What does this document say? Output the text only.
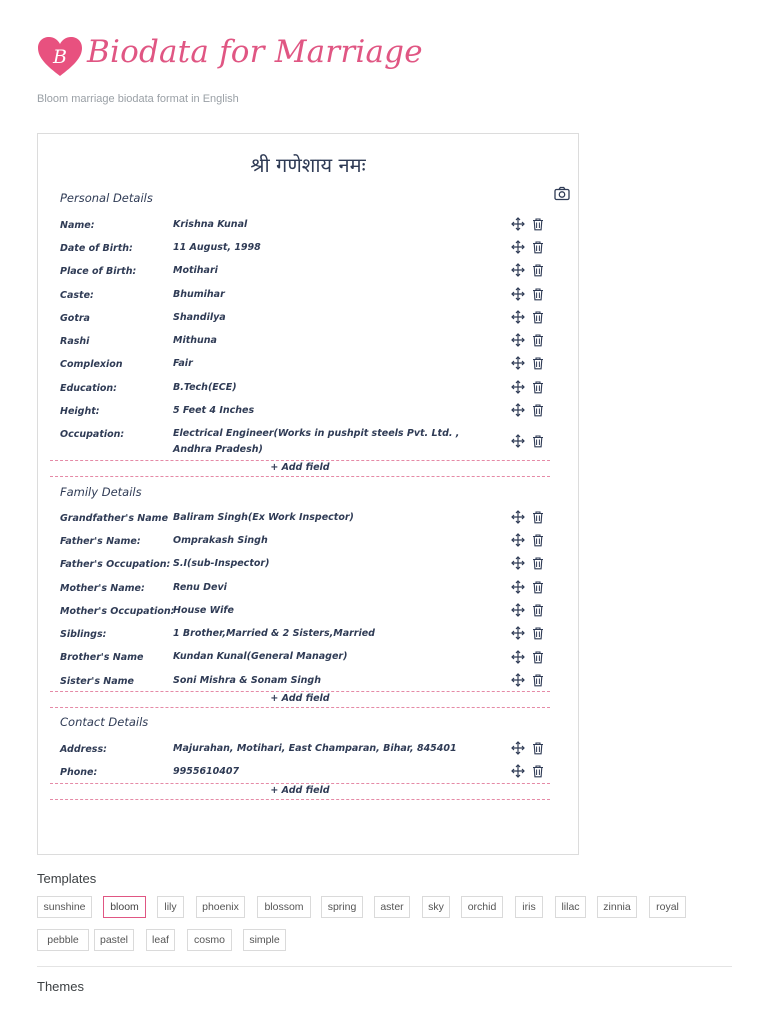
B Biodata for Marriage
Bloom marriage biodata format in English
श्री गणेशाय नमः
Personal Details
Name:	Krishna Kunal
Date of Birth:	11 August, 1998
Place of Birth:	Motihari
Caste:	Bhumihar
Gotra	Shandilya
Rashi	Mithuna
Complexion	Fair
Education:	B.Tech(ECE)
Height:	5 Feet 4 Inches
Occupation:	Electrical Engineer(Works in pushpit steels Pvt. Ltd. , Andhra Pradesh)
+ Add field
Family Details
Grandfather's Name Baliram Singh(Ex Work Inspector)
Father's Name:	Omprakash Singh
Father's Occupation: S.I(sub-Inspector)
Mother's Name:	Renu Devi
Mother's Occupation:
House Wife
Siblings:	1 Brother,Married & 2 Sisters,Married
Brother's Name	Kundan Kunal(General Manager)
Sister's Name	Soni Mishra & Sonam Singh
+ Add field
Contact Details
Address:	Majurahan, Motihari, East Champaran, Bihar, 845401
Phone:	9955610407
+ Add field
Templates
sunshine	bloom	lily	phoenix	blossom	spring	aster	sky	orchid	iris	lilac	zinnia	royal
pebble	pastel	leaf	cosmo	simple
Themes
